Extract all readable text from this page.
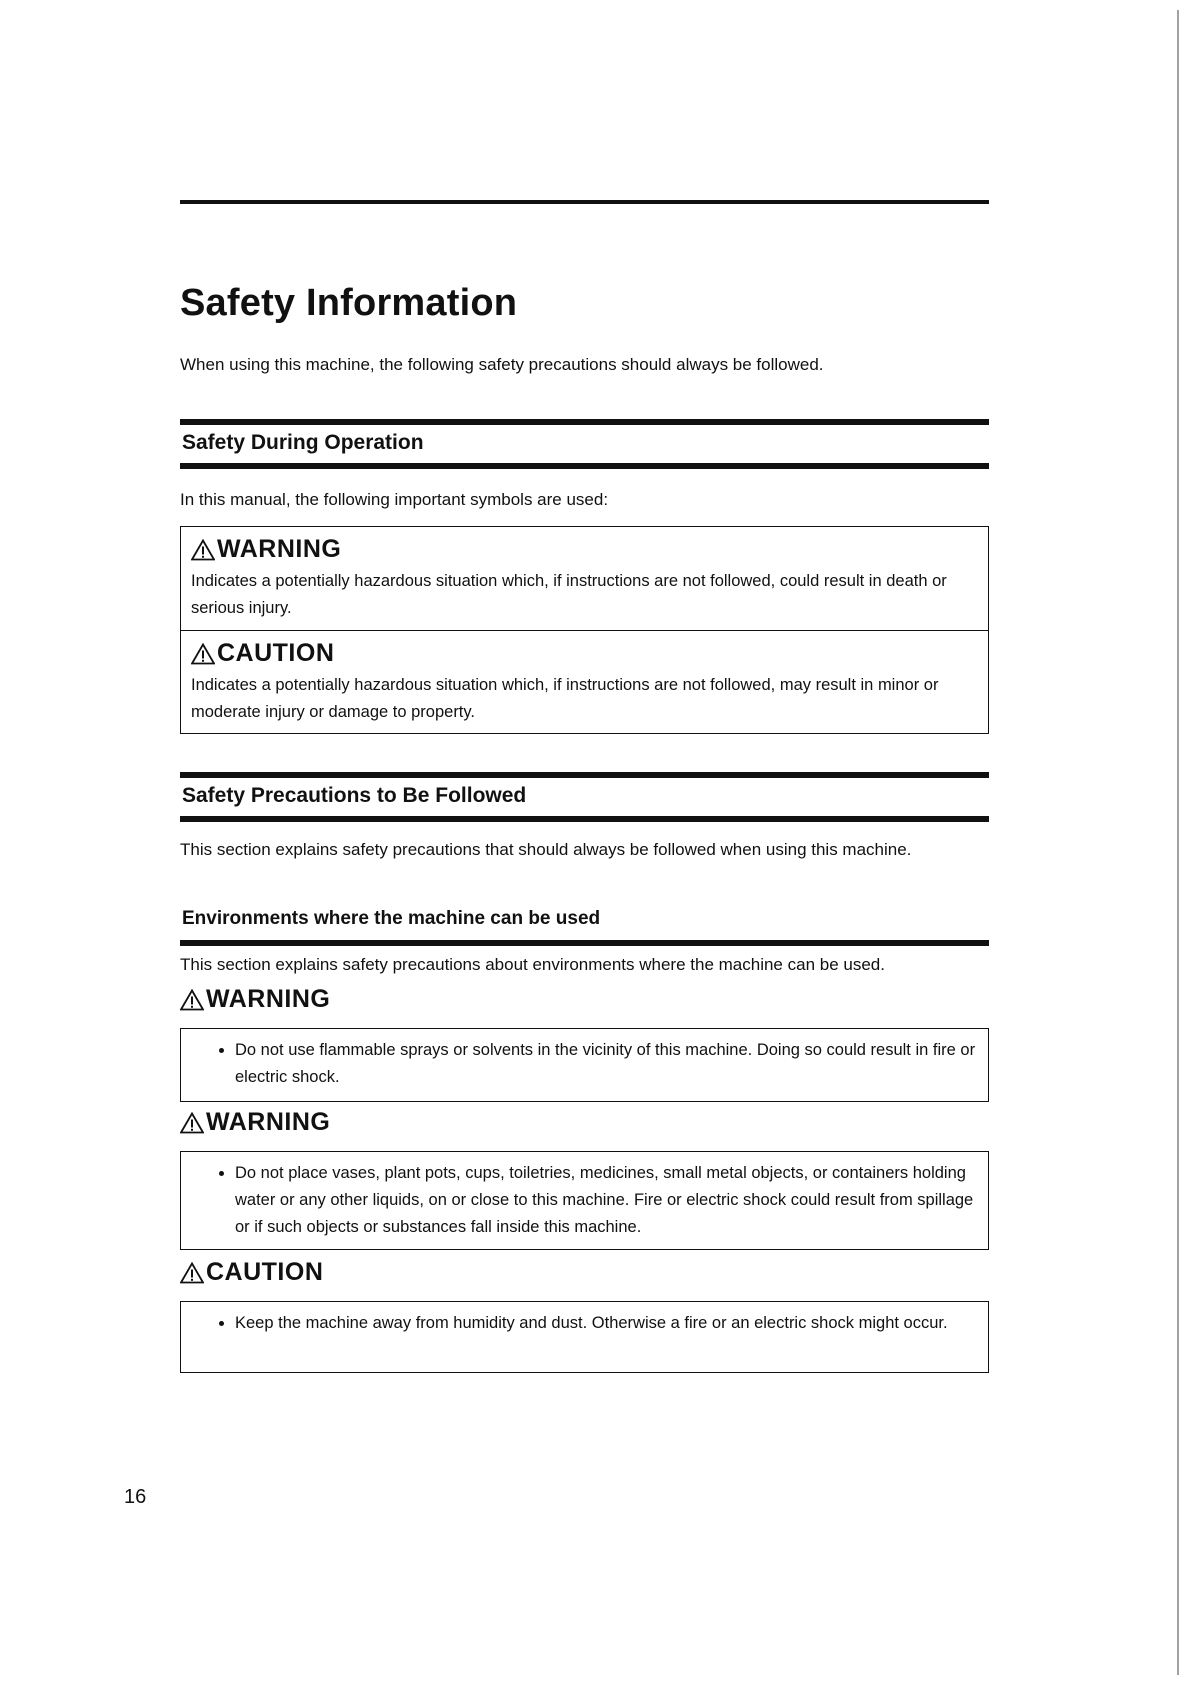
Safety Information

When using this machine, the following safety precautions should always be followed.

Safety During Operation

In this manual, the following important symbols are used:

WARNING

Indicates a potentially hazardous situation which, if instructions are not followed, could result in death or serious injury.

CAUTION

Indicates a potentially hazardous situation which, if instructions are not followed, may result in minor or moderate injury or damage to property.

Safety Precautions to Be Followed

This section explains safety precautions that should always be followed when using this machine.

Environments where the machine can be used

This section explains safety precautions about environments where the machine can be used.

WARNING
• Do not use flammable sprays or solvents in the vicinity of this machine. Doing so could result in fire or electric shock.
WARNING
• Do not place vases, plant pots, cups, toiletries, medicines, small metal objects, or containers holding water or any other liquids, on or close to this machine. Fire or electric shock could result from spillage or if such objects or substances fall inside this machine.
CAUTION
• Keep the machine away from humidity and dust. Otherwise a fire or an electric shock might occur.

16
